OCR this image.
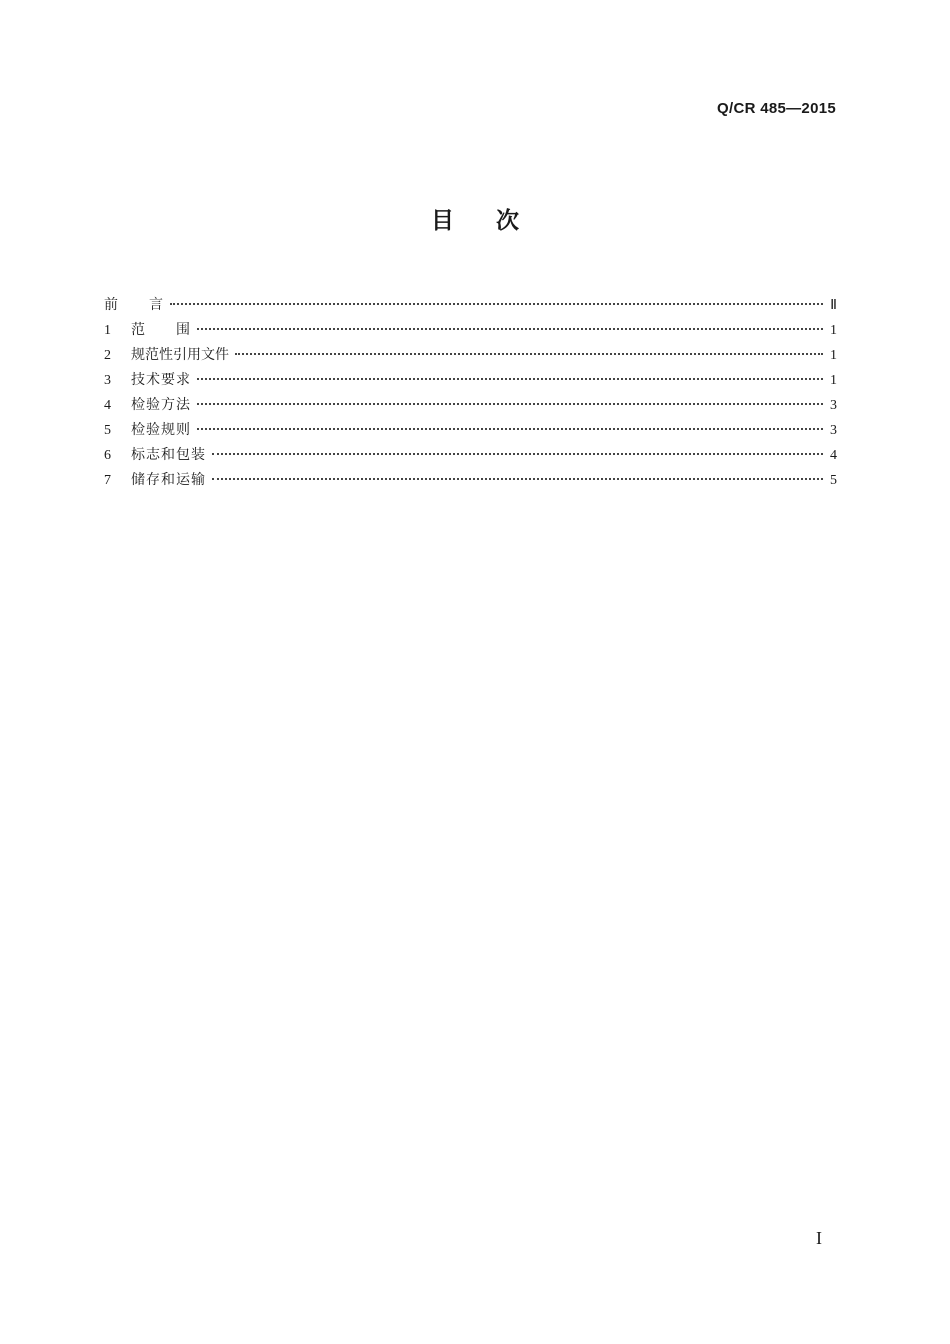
Q/CR 485—2015
目 次
前　　言	Ⅱ
1	范　　围	1
2	规范性引用文件	1
3	技术要求	1
4	检验方法	3
5	检验规则	3
6	标志和包装	4
7	储存和运输	5
I
